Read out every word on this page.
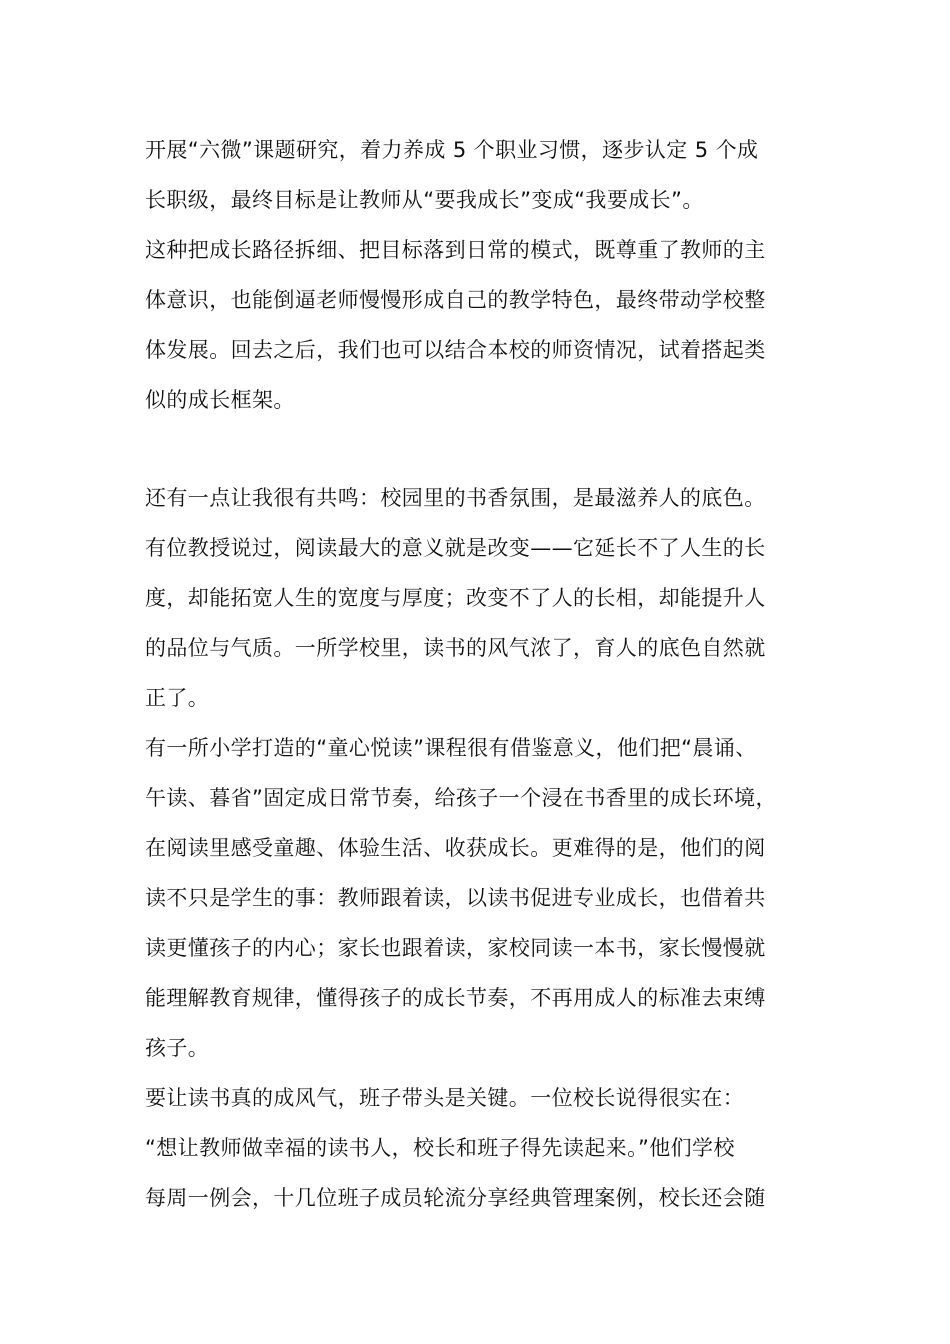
开展“六微”课题研究，着力养成 5 个职业习惯，逐步认定 5 个成
长职级，最终目标是让教师从“要我成长”变成“我要成长”。
这种把成长路径拆细、把目标落到日常的模式，既尊重了教师的主
体意识，也能倒逼老师慢慢形成自己的教学特色，最终带动学校整
体发展。回去之后，我们也可以结合本校的师资情况，试着搭起类
似的成长框架。
还有一点让我很有共鸣：校园里的书香氛围，是最滋养人的底色。
有位教授说过，阅读最大的意义就是改变——它延长不了人生的长
度，却能拓宽人生的宽度与厚度；改变不了人的长相，却能提升人
的品位与气质。一所学校里，读书的风气浓了，育人的底色自然就
正了。
有一所小学打造的“童心悦读”课程很有借鉴意义，他们把“晨诵、
午读、暮省”固定成日常节奏，给孩子一个浸在书香里的成长环境，
在阅读里感受童趣、体验生活、收获成长。更难得的是，他们的阅
读不只是学生的事：教师跟着读，以读书促进专业成长，也借着共
读更懂孩子的内心；家长也跟着读，家校同读一本书，家长慢慢就
能理解教育规律，懂得孩子的成长节奏，不再用成人的标准去束缚
孩子。
要让读书真的成风气，班子带头是关键。一位校长说得很实在：
“想让教师做幸福的读书人，校长和班子得先读起来。”他们学校
每周一例会，十几位班子成员轮流分享经典管理案例，校长还会随
